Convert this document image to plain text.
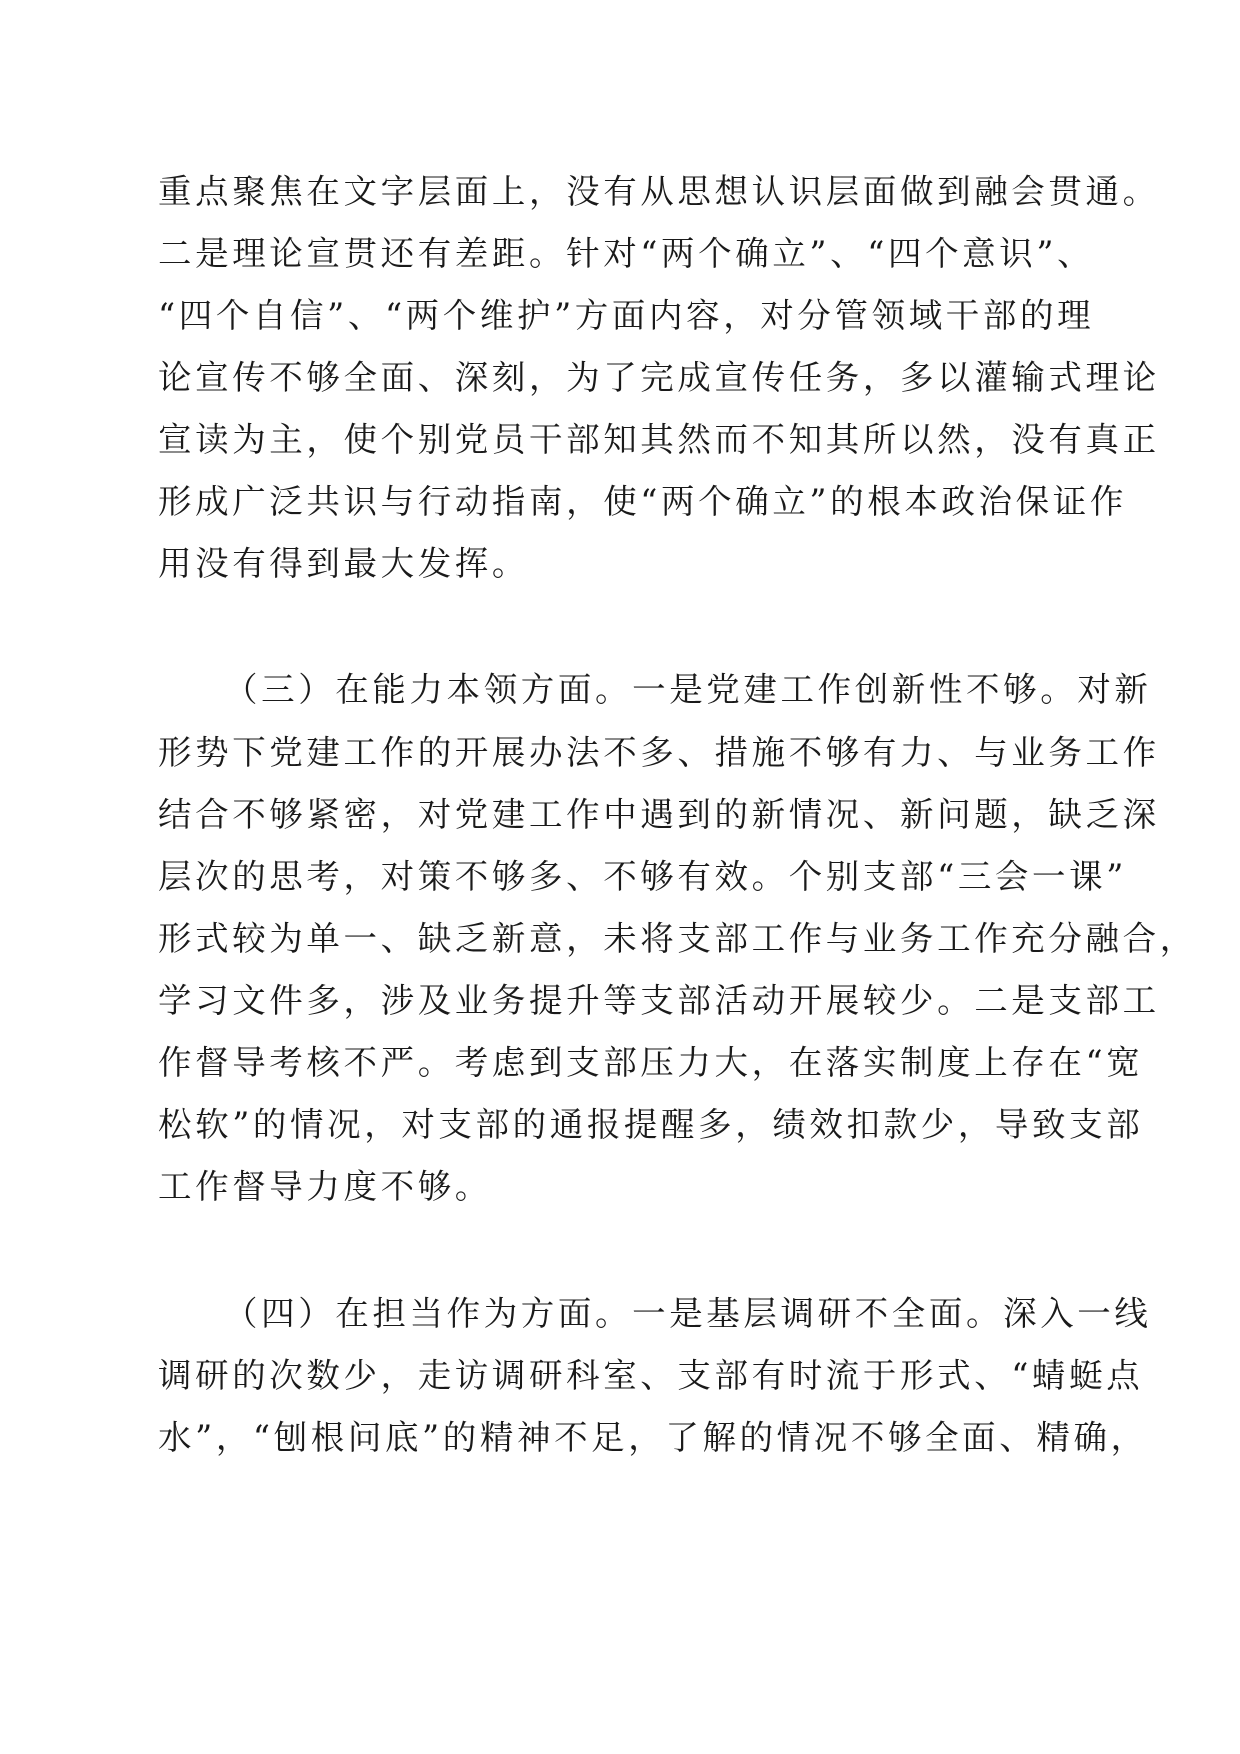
重点聚焦在文字层面上，没有从思想认识层面做到融会贯通。
二是理论宣贯还有差距。针对“两个确立”、“四个意识”、
“四个自信”、“两个维护”方面内容，对分管领域干部的理
论宣传不够全面、深刻，为了完成宣传任务，多以灌输式理论
宣读为主，使个别党员干部知其然而不知其所以然，没有真正
形成广泛共识与行动指南，使“两个确立”的根本政治保证作
用没有得到最大发挥。
（三）在能力本领方面。一是党建工作创新性不够。对新
形势下党建工作的开展办法不多、措施不够有力、与业务工作
结合不够紧密，对党建工作中遇到的新情况、新问题，缺乏深
层次的思考，对策不够多、不够有效。个别支部“三会一课”
形式较为单一、缺乏新意，未将支部工作与业务工作充分融合，
学习文件多，涉及业务提升等支部活动开展较少。二是支部工
作督导考核不严。考虑到支部压力大，在落实制度上存在“宽
松软”的情况，对支部的通报提醒多，绩效扣款少，导致支部
工作督导力度不够。
（四）在担当作为方面。一是基层调研不全面。深入一线
调研的次数少，走访调研科室、支部有时流于形式、“蜻蜓点
水”，“刨根问底”的精神不足，了解的情况不够全面、精确，
